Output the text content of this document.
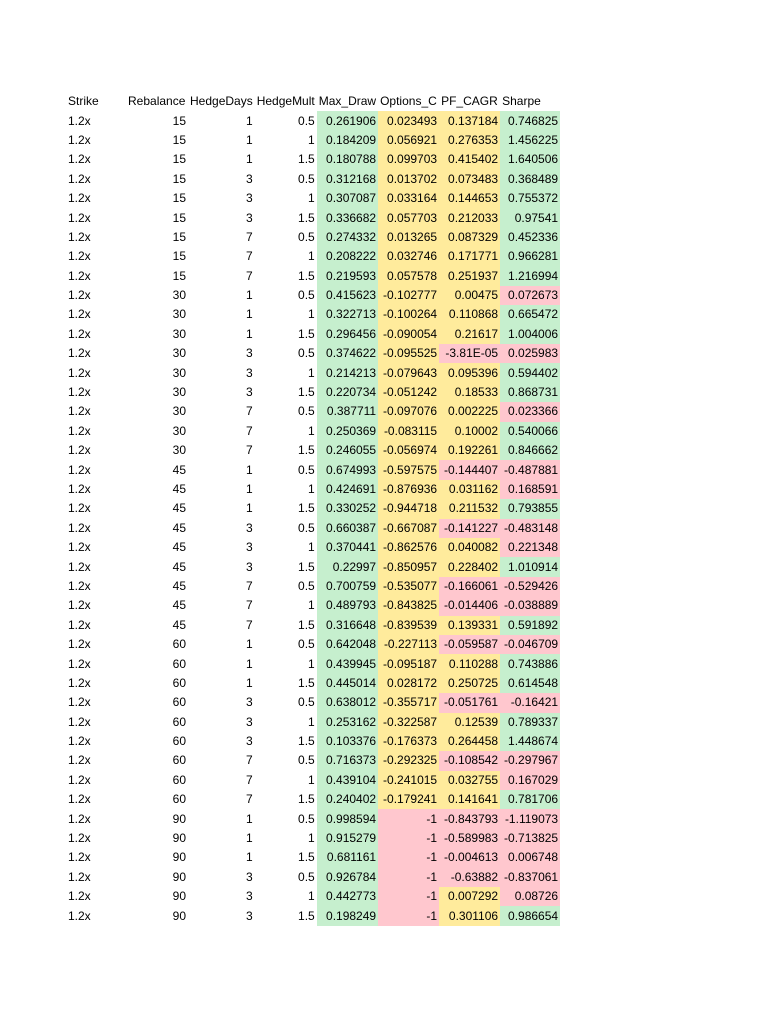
Strike	Rebalance	HedgeDays	HedgeMult	Max_Draw	Options_C	PF_CAGR	Sharpe
1.2x	15	1	0.5	0.261906	0.023493	0.137184	0.746825
1.2x	15	1	1	0.184209	0.056921	0.276353	1.456225
1.2x	15	1	1.5	0.180788	0.099703	0.415402	1.640506
1.2x	15	3	0.5	0.312168	0.013702	0.073483	0.368489
1.2x	15	3	1	0.307087	0.033164	0.144653	0.755372
1.2x	15	3	1.5	0.336682	0.057703	0.212033	0.97541
1.2x	15	7	0.5	0.274332	0.013265	0.087329	0.452336
1.2x	15	7	1	0.208222	0.032746	0.171771	0.966281
1.2x	15	7	1.5	0.219593	0.057578	0.251937	1.216994
1.2x	30	1	0.5	0.415623	-0.102777	0.00475	0.072673
1.2x	30	1	1	0.322713	-0.100264	0.110868	0.665472
1.2x	30	1	1.5	0.296456	-0.090054	0.21617	1.004006
1.2x	30	3	0.5	0.374622	-0.095525	-3.81E-05	0.025983
1.2x	30	3	1	0.214213	-0.079643	0.095396	0.594402
1.2x	30	3	1.5	0.220734	-0.051242	0.18533	0.868731
1.2x	30	7	0.5	0.387711	-0.097076	0.002225	0.023366
1.2x	30	7	1	0.250369	-0.083115	0.10002	0.540066
1.2x	30	7	1.5	0.246055	-0.056974	0.192261	0.846662
1.2x	45	1	0.5	0.674993	-0.597575	-0.144407	-0.487881
1.2x	45	1	1	0.424691	-0.876936	0.031162	0.168591
1.2x	45	1	1.5	0.330252	-0.944718	0.211532	0.793855
1.2x	45	3	0.5	0.660387	-0.667087	-0.141227	-0.483148
1.2x	45	3	1	0.370441	-0.862576	0.040082	0.221348
1.2x	45	3	1.5	0.22997	-0.850957	0.228402	1.010914
1.2x	45	7	0.5	0.700759	-0.535077	-0.166061	-0.529426
1.2x	45	7	1	0.489793	-0.843825	-0.014406	-0.038889
1.2x	45	7	1.5	0.316648	-0.839539	0.139331	0.591892
1.2x	60	1	0.5	0.642048	-0.227113	-0.059587	-0.046709
1.2x	60	1	1	0.439945	-0.095187	0.110288	0.743886
1.2x	60	1	1.5	0.445014	0.028172	0.250725	0.614548
1.2x	60	3	0.5	0.638012	-0.355717	-0.051761	-0.16421
1.2x	60	3	1	0.253162	-0.322587	0.12539	0.789337
1.2x	60	3	1.5	0.103376	-0.176373	0.264458	1.448674
1.2x	60	7	0.5	0.716373	-0.292325	-0.108542	-0.297967
1.2x	60	7	1	0.439104	-0.241015	0.032755	0.167029
1.2x	60	7	1.5	0.240402	-0.179241	0.141641	0.781706
1.2x	90	1	0.5	0.998594	-1	-0.843793	-1.119073
1.2x	90	1	1	0.915279	-1	-0.589983	-0.713825
1.2x	90	1	1.5	0.681161	-1	-0.004613	0.006748
1.2x	90	3	0.5	0.926784	-1	-0.63882	-0.837061
1.2x	90	3	1	0.442773	-1	0.007292	0.08726
1.2x	90	3	1.5	0.198249	-1	0.301106	0.986654
